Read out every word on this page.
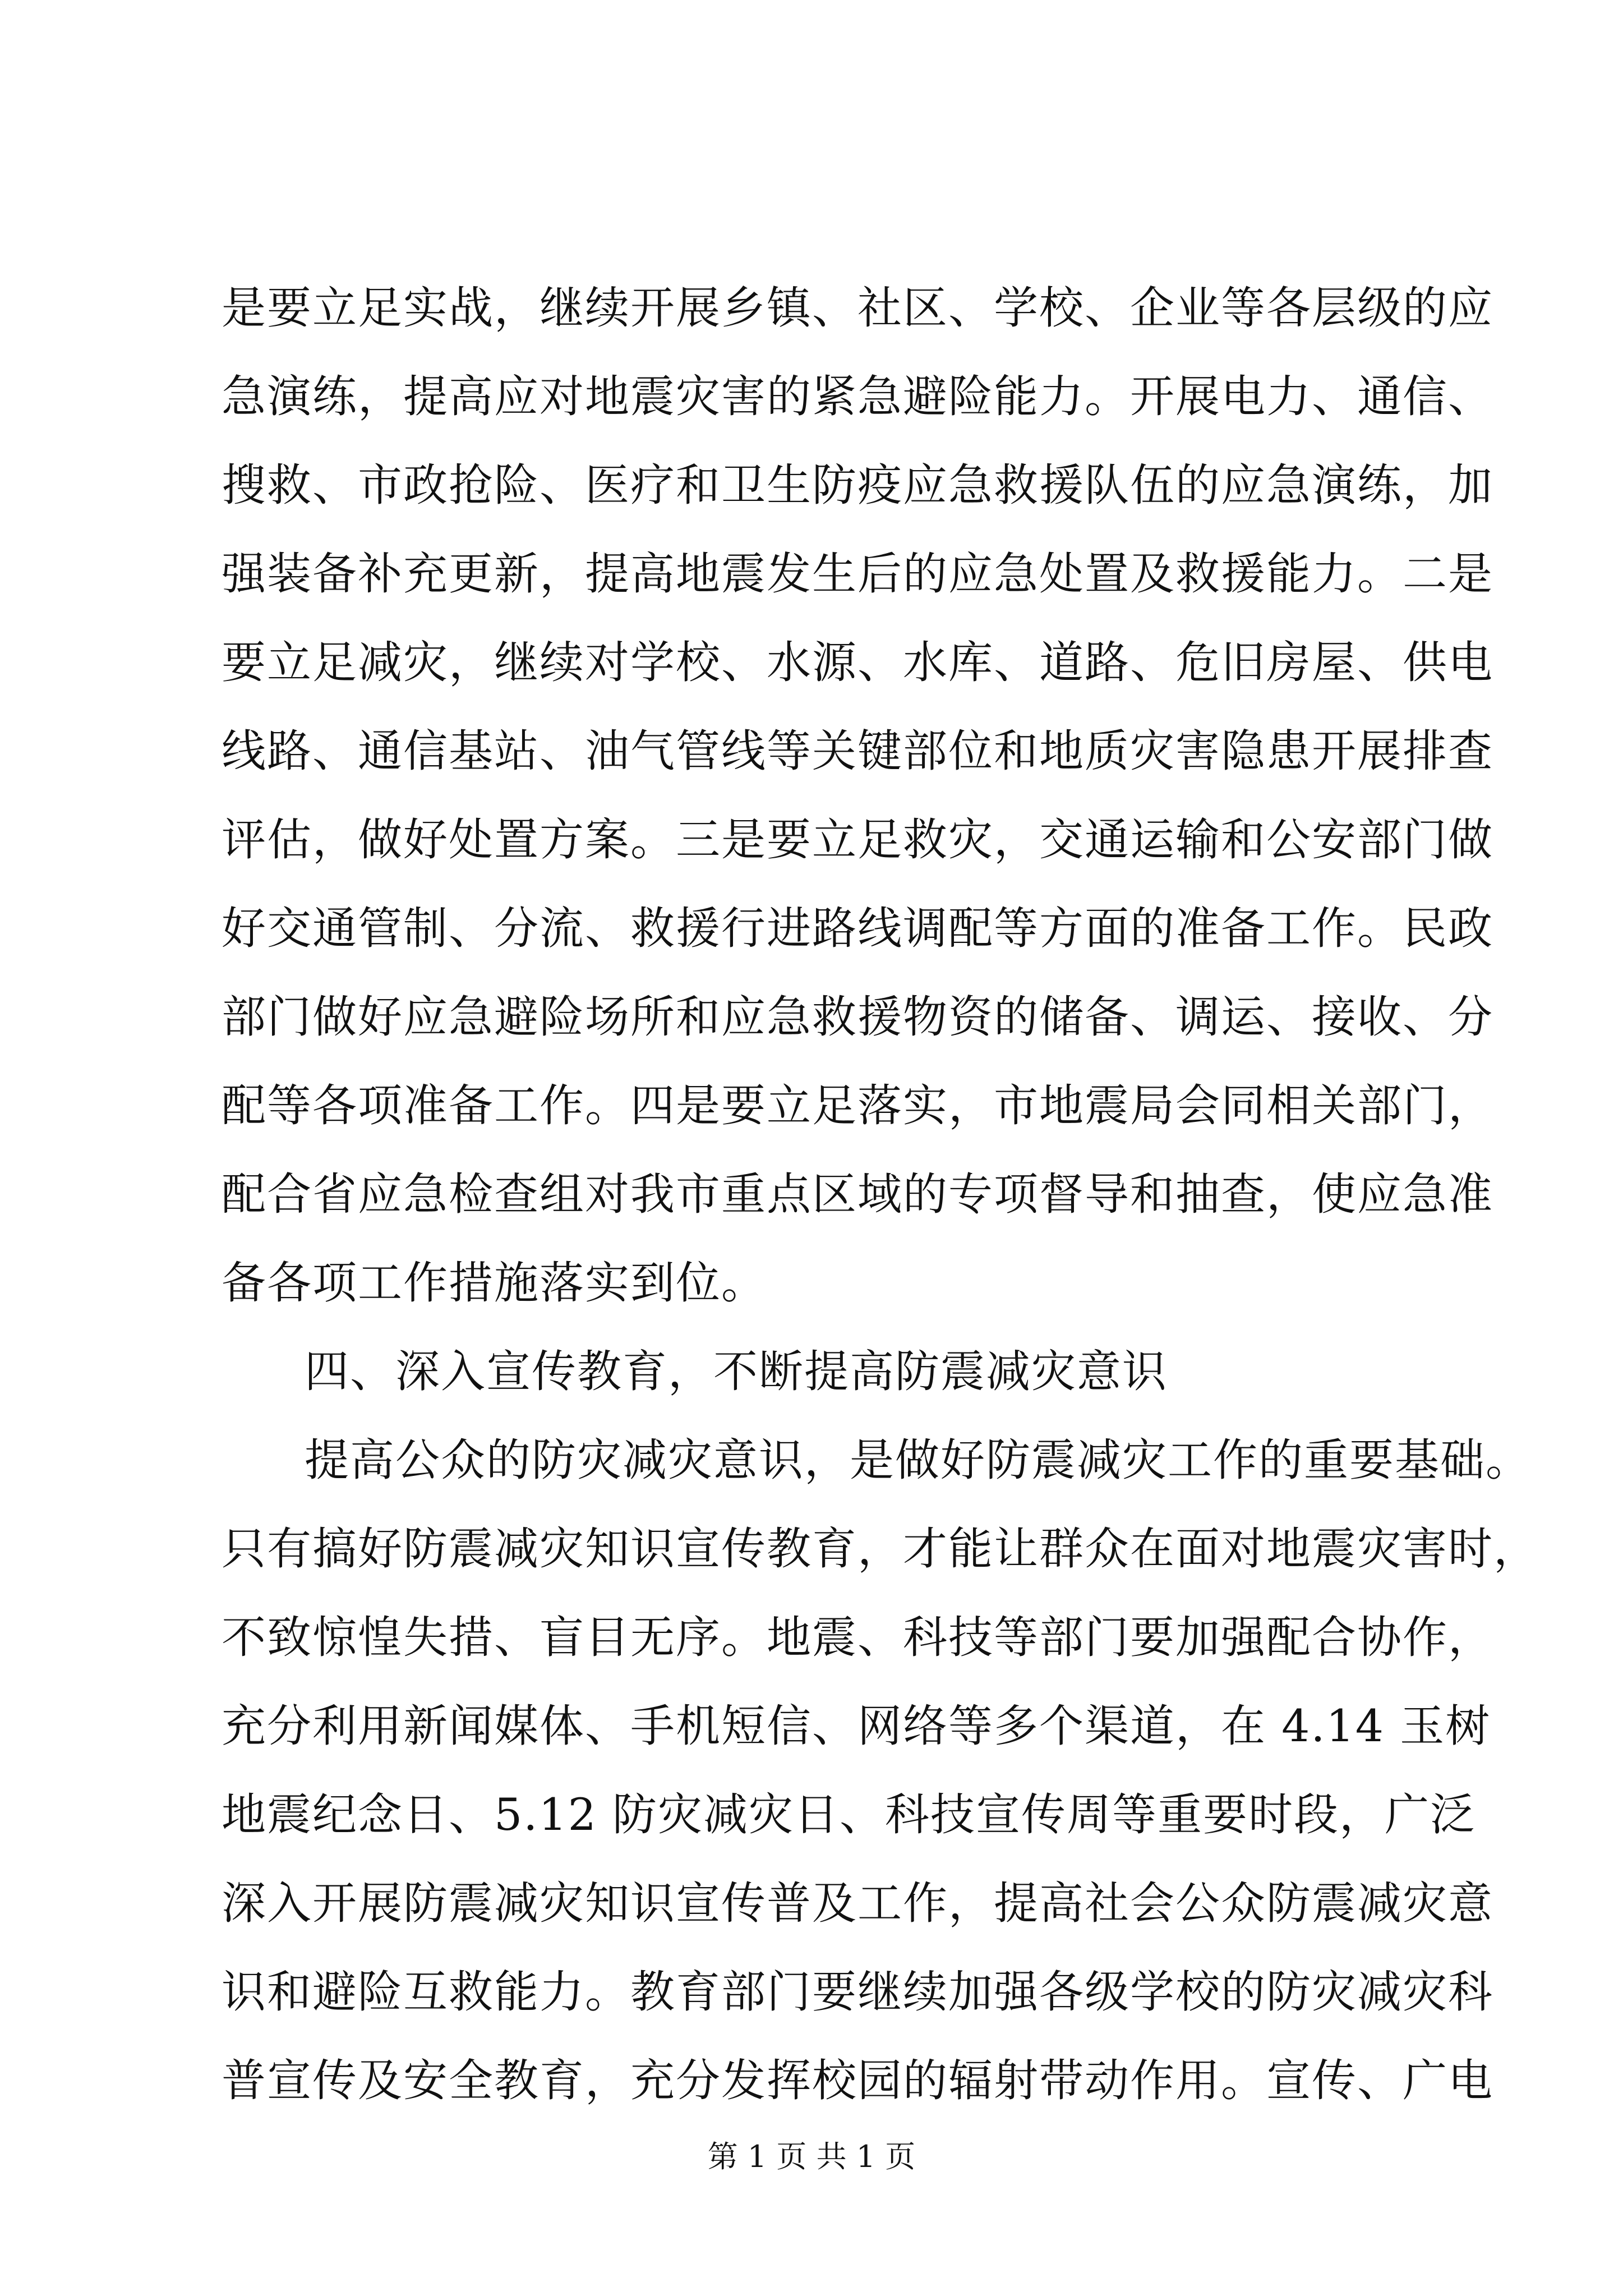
是要立足实战，继续开展乡镇、社区、学校、企业等各层级的应
急演练，提高应对地震灾害的紧急避险能力。开展电力、通信、
搜救、市政抢险、医疗和卫生防疫应急救援队伍的应急演练，加
强装备补充更新，提高地震发生后的应急处置及救援能力。二是
要立足减灾，继续对学校、水源、水库、道路、危旧房屋、供电
线路、通信基站、油气管线等关键部位和地质灾害隐患开展排查
评估，做好处置方案。三是要立足救灾，交通运输和公安部门做
好交通管制、分流、救援行进路线调配等方面的准备工作。民政
部门做好应急避险场所和应急救援物资的储备、调运、接收、分
配等各项准备工作。四是要立足落实，市地震局会同相关部门，
配合省应急检查组对我市重点区域的专项督导和抽查，使应急准
备各项工作措施落实到位。
四、深入宣传教育，不断提高防震减灾意识
提高公众的防灾减灾意识，是做好防震减灾工作的重要基础。
只有搞好防震减灾知识宣传教育，才能让群众在面对地震灾害时，
不致惊惶失措、盲目无序。地震、科技等部门要加强配合协作，
充分利用新闻媒体、手机短信、网络等多个渠道，在 4.14 玉树
地震纪念日、5.12 防灾减灾日、科技宣传周等重要时段，广泛
深入开展防震减灾知识宣传普及工作，提高社会公众防震减灾意
识和避险互救能力。教育部门要继续加强各级学校的防灾减灾科
普宣传及安全教育，充分发挥校园的辐射带动作用。宣传、广电
第 1 页 共 1 页
